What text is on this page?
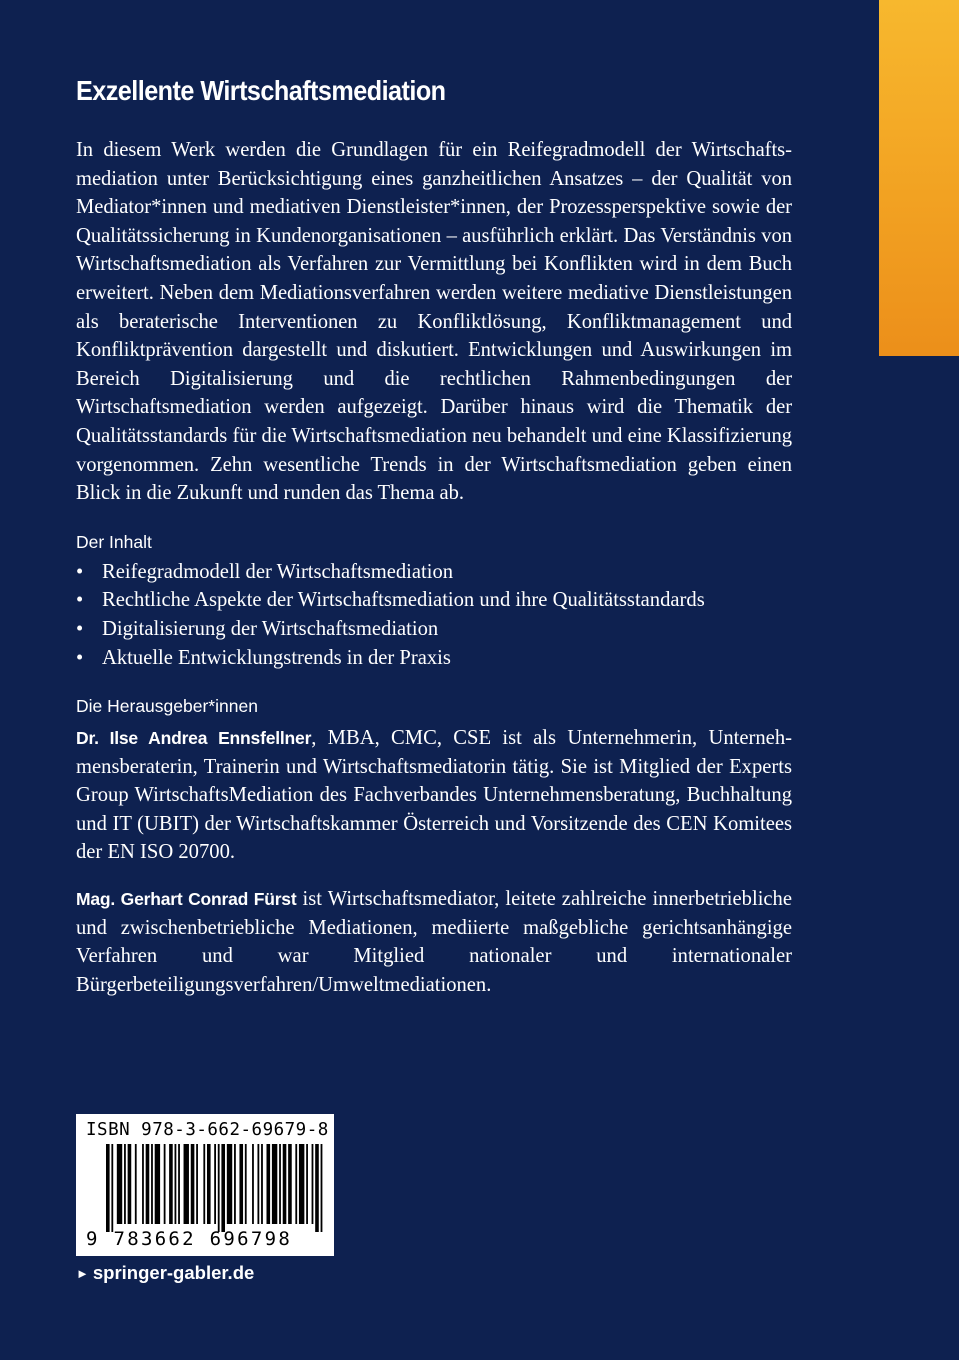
Exzellente Wirtschaftsmediation

In diesem Werk werden die Grundlagen für ein Reifegradmodell der Wirtschaftsmediation unter Berücksichtigung eines ganzheitlichen Ansatzes – der Qualität von Mediator*innen und mediativen Dienstleister*innen, der Prozessperspektive sowie der Qualitätssicherung in Kundenorganisationen – ausführlich erklärt. Das Verständnis von Wirtschaftsmediation als Verfahren zur Vermittlung bei Konflikten wird in dem Buch erweitert. Neben dem Mediationsverfahren werden weitere mediative Dienstleistungen als beraterische Interventionen zu Konfliktlösung, Konfliktmanagement und Konfliktprävention dargestellt und diskutiert. Entwicklungen und Auswirkungen im Bereich Digitalisierung und die rechtlichen Rahmenbedingungen der Wirtschaftsmediation werden aufgezeigt. Darüber hinaus wird die Thematik der Qualitätsstandards für die Wirtschaftsmediation neu behandelt und eine Klassifizierung vorgenommen. Zehn wesentliche Trends in der Wirtschaftsmediation geben einen Blick in die Zukunft und runden das Thema ab.

Der Inhalt
• Reifegradmodell der Wirtschaftsmediation
• Rechtliche Aspekte der Wirtschaftsmediation und ihre Qualitätsstandards
• Digitalisierung der Wirtschaftsmediation
• Aktuelle Entwicklungstrends in der Praxis
Die Herausgeber*innen

Dr. Ilse Andrea Ennsfellner, MBA, CMC, CSE ist als Unternehmerin, Unternehmensberaterin, Trainerin und Wirtschaftsmediatorin tätig. Sie ist Mitglied der Experts Group WirtschaftsMediation des Fachverbandes Unternehmensberatung, Buchhaltung und IT (UBIT) der Wirtschaftskammer Österreich und Vorsitzende des CEN Komitees der EN ISO 20700.

Mag. Gerhart Conrad Fürst ist Wirtschaftsmediator, leitete zahlreiche innerbetriebliche und zwischenbetriebliche Mediationen, mediierte maßgebliche gerichtsanhängige Verfahren und war Mitglied nationaler und internationaler Bürgerbeteiligungsverfahren/Umweltmediationen.

ISBN 978-3-662-69679-8
9 783662 696798
► springer-gabler.de
